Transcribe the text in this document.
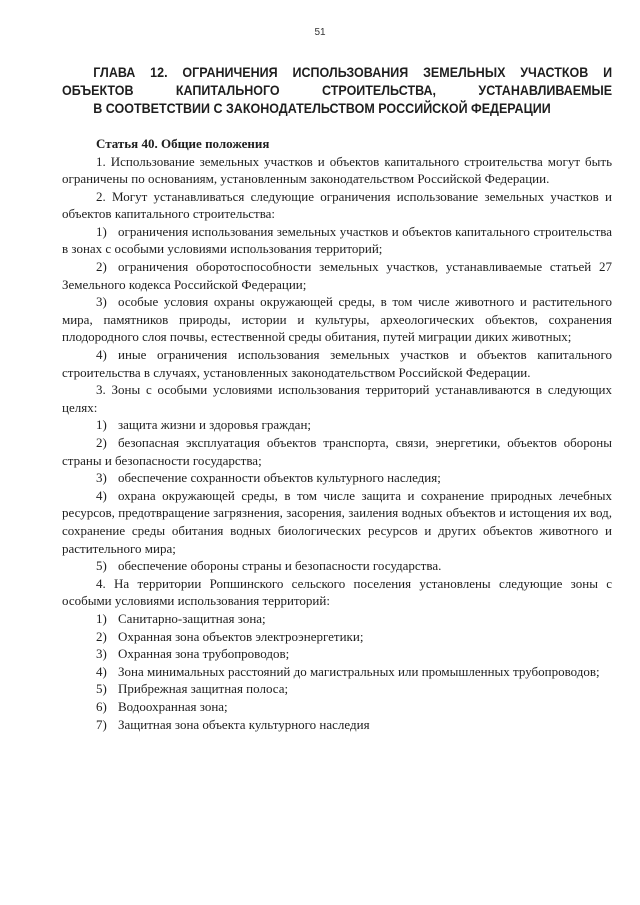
51
ГЛАВА 12. ОГРАНИЧЕНИЯ ИСПОЛЬЗОВАНИЯ ЗЕМЕЛЬНЫХ УЧАСТКОВ И ОБЪЕКТОВ КАПИТАЛЬНОГО СТРОИТЕЛЬСТВА, УСТАНАВЛИВАЕМЫЕ
В СООТВЕТСТВИИ С ЗАКОНОДАТЕЛЬСТВОМ РОССИЙСКОЙ ФЕДЕРАЦИИ
Статья 40. Общие положения

1. Использование земельных участков и объектов капитального строительства могут быть ограничены по основаниям, установленным законодательством Российской Федерации.

2. Могут устанавливаться следующие ограничения использование земельных участков и объектов капитального строительства:

1) ограничения использования земельных участков и объектов капитального строительства в зонах с особыми условиями использования территорий;
2) ограничения оборотоспособности земельных участков, устанавливаемые статьей 27 Земельного кодекса Российской Федерации;
3) особые условия охраны окружающей среды, в том числе животного и растительного мира, памятников природы, истории и культуры, археологических объектов, сохранения плодородного слоя почвы, естественной среды обитания, путей миграции диких животных;
4) иные ограничения использования земельных участков и объектов капитального строительства в случаях, установленных законодательством Российской Федерации.

3. Зоны с особыми условиями использования территорий устанавливаются в следующих целях:

1) защита жизни и здоровья граждан;
2) безопасная эксплуатация объектов транспорта, связи, энергетики, объектов обороны страны и безопасности государства;
3) обеспечение сохранности объектов культурного наследия;
4) охрана окружающей среды, в том числе защита и сохранение природных лечебных ресурсов, предотвращение загрязнения, засорения, заиления водных объектов и истощения их вод, сохранение среды обитания водных биологических ресурсов и других объектов животного и растительного мира;
5) обеспечение обороны страны и безопасности государства.

4. На территории Ропшинского сельского поселения установлены следующие зоны с особыми условиями использования территорий:

1) Санитарно-защитная зона;
2) Охранная зона объектов электроэнергетики;
3) Охранная зона трубопроводов;
4) Зона минимальных расстояний до магистральных или промышленных трубопроводов;
5) Прибрежная защитная полоса;
6) Водоохранная зона;
7) Защитная зона объекта культурного наследия
